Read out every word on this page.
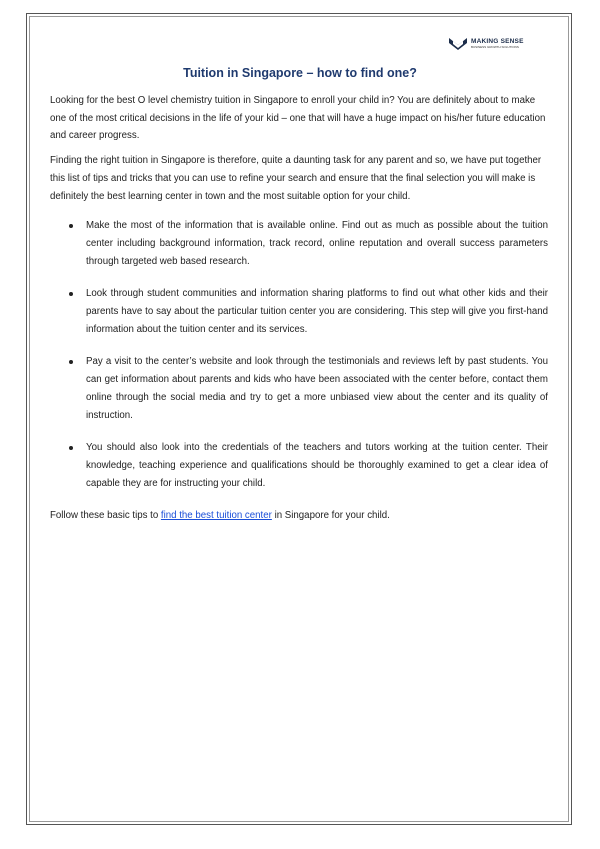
MAKING SENSE
BUSINESS GROWTH SOLUTIONS
Tuition in Singapore – how to find one?

Looking for the best O level chemistry tuition in Singapore to enroll your child in? You are definitely about to make one of the most critical decisions in the life of your kid – one that will have a huge impact on his/her future education and career progress.

Finding the right tuition in Singapore is therefore, quite a daunting task for any parent and so, we have put together this list of tips and tricks that you can use to refine your search and ensure that the final selection you will make is definitely the best learning center in town and the most suitable option for your child.

Make the most of the information that is available online. Find out as much as possible about the tuition center including background information, track record, online reputation and overall success parameters through targeted web based research.
Look through student communities and information sharing platforms to find out what other kids and their parents have to say about the particular tuition center you are considering. This step will give you first-hand information about the tuition center and its services.
Pay a visit to the center’s website and look through the testimonials and reviews left by past students. You can get information about parents and kids who have been associated with the center before, contact them online through the social media and try to get a more unbiased view about the center and its quality of instruction.
You should also look into the credentials of the teachers and tutors working at the tuition center. Their knowledge, teaching experience and qualifications should be thoroughly examined to get a clear idea of capable they are for instructing your child.

Follow these basic tips to find the best tuition center in Singapore for your child.
